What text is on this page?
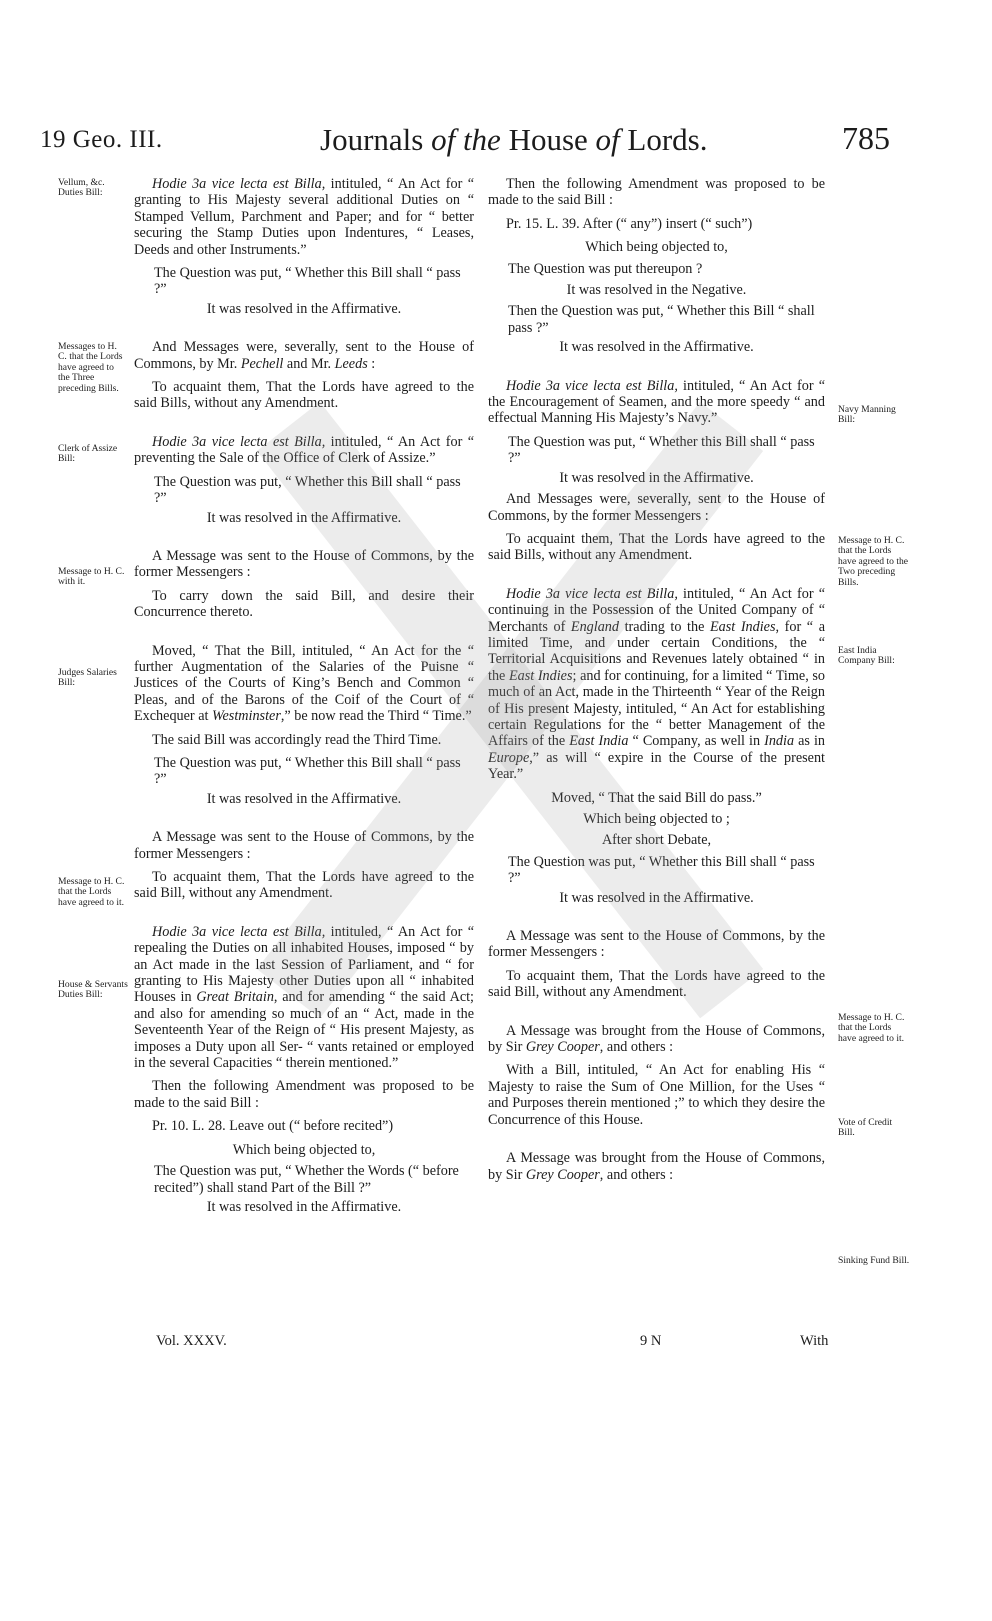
19 Geo. III.	Journals of the House of Lords.	785
Vellum, &c. Duties Bill:
Messages to H. C. that the Lords have agreed to the Three preceding Bills.
Clerk of Assize Bill:
Message to H. C. with it.
Judges Salaries Bill:
Message to H. C. that the Lords have agreed to it.
House & Servants Duties Bill:
Navy Manning Bill:
Message to H. C. that the Lords have agreed to the Two preceding Bills.
East India Company Bill:
Message to H. C. that the Lords have agreed to it.
Vote of Credit Bill.
Sinking Fund Bill.

Hodie 3a vice lecta est Billa, intituled, “ An Act for “ granting to His Majesty several additional Duties on “ Stamped Vellum, Parchment and Paper; and for “ better securing the Stamp Duties upon Indentures, “ Leases, Deeds and other Instruments.”

The Question was put, “ Whether this Bill shall “ pass ?”

It was resolved in the Affirmative.

And Messages were, severally, sent to the House of Commons, by Mr. Pechell and Mr. Leeds :

To acquaint them, That the Lords have agreed to the said Bills, without any Amendment.

Hodie 3a vice lecta est Billa, intituled, “ An Act for “ preventing the Sale of the Office of Clerk of Assize.”

The Question was put, “ Whether this Bill shall “ pass ?”

It was resolved in the Affirmative.

A Message was sent to the House of Commons, by the former Messengers :

To carry down the said Bill, and desire their Concurrence thereto.

Moved, “ That the Bill, intituled, “ An Act for the “ further Augmentation of the Salaries of the Puisne “ Justices of the Courts of King’s Bench and Common “ Pleas, and of the Barons of the Coif of the Court of “ Exchequer at Westminster,” be now read the Third “ Time.”

The said Bill was accordingly read the Third Time.

The Question was put, “ Whether this Bill shall “ pass ?”

It was resolved in the Affirmative.

A Message was sent to the House of Commons, by the former Messengers :

To acquaint them, That the Lords have agreed to the said Bill, without any Amendment.

Hodie 3a vice lecta est Billa, intituled, “ An Act for “ repealing the Duties on all inhabited Houses, imposed “ by an Act made in the last Session of Parliament, and “ for granting to His Majesty other Duties upon all “ inhabited Houses in Great Britain, and for amending “ the said Act; and also for amending so much of an “ Act, made in the Seventeenth Year of the Reign of “ His present Majesty, as imposes a Duty upon all Ser- “ vants retained or employed in the several Capacities “ therein mentioned.”

Then the following Amendment was proposed to be made to the said Bill :

Pr. 10. L. 28. Leave out (“ before recited”)

Which being objected to,

The Question was put, “ Whether the Words (“ before recited”) shall stand Part of the Bill ?”

It was resolved in the Affirmative.

Then the following Amendment was proposed to be made to the said Bill :

Pr. 15. L. 39. After (“ any”) insert (“ such”)

Which being objected to,

The Question was put thereupon ?

It was resolved in the Negative.

Then the Question was put, “ Whether this Bill “ shall pass ?”

It was resolved in the Affirmative.

Hodie 3a vice lecta est Billa, intituled, “ An Act for “ the Encouragement of Seamen, and the more speedy “ and effectual Manning His Majesty’s Navy.”

The Question was put, “ Whether this Bill shall “ pass ?”

It was resolved in the Affirmative.

And Messages were, severally, sent to the House of Commons, by the former Messengers :

To acquaint them, That the Lords have agreed to the said Bills, without any Amendment.

Hodie 3a vice lecta est Billa, intituled, “ An Act for “ continuing in the Possession of the United Company of “ Merchants of England trading to the East Indies, for “ a limited Time, and under certain Conditions, the “ Territorial Acquisitions and Revenues lately obtained “ in the East Indies; and for continuing, for a limited “ Time, so much of an Act, made in the Thirteenth “ Year of the Reign of His present Majesty, intituled, “ An Act for establishing certain Regulations for the “ better Management of the Affairs of the East India “ Company, as well in India as in Europe,” as will “ expire in the Course of the present Year.”

Moved, “ That the said Bill do pass.”

Which being objected to ;

After short Debate,

The Question was put, “ Whether this Bill shall “ pass ?”

It was resolved in the Affirmative.

A Message was sent to the House of Commons, by the former Messengers :

To acquaint them, That the Lords have agreed to the said Bill, without any Amendment.

A Message was brought from the House of Commons, by Sir Grey Cooper, and others :

With a Bill, intituled, “ An Act for enabling His “ Majesty to raise the Sum of One Million, for the Uses “ and Purposes therein mentioned ;” to which they desire the Concurrence of this House.

A Message was brought from the House of Commons, by Sir Grey Cooper, and others :

Vol. XXXV.	9 N	With
